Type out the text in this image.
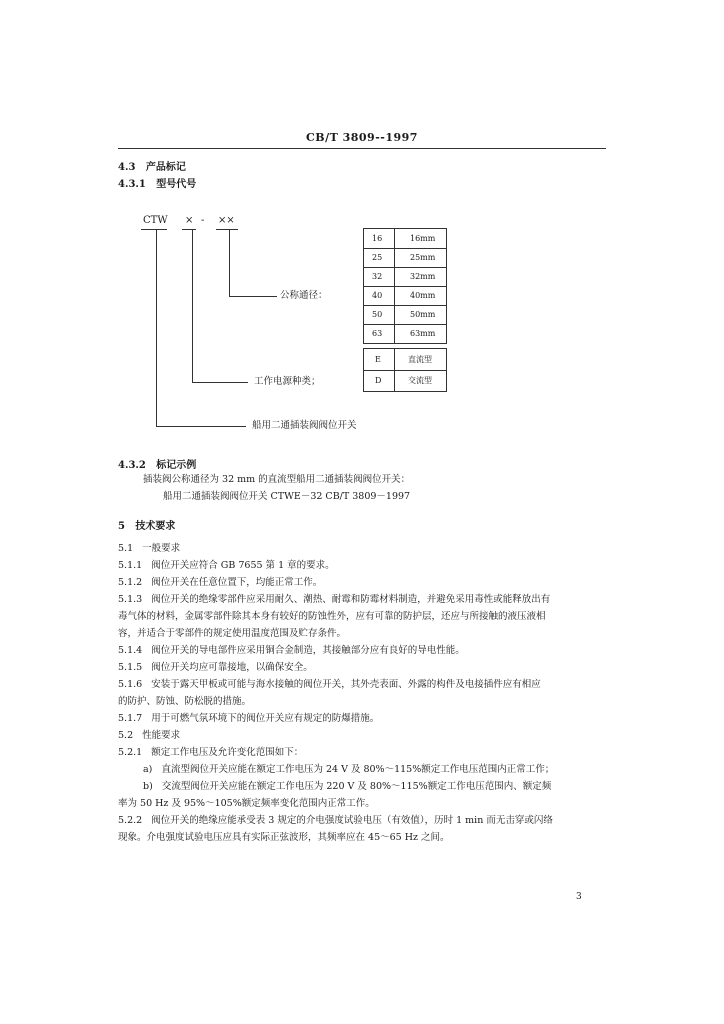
CB/T 3809--1997
4.3 产品标记
4.3.1 型号代号
CTW × - ××
公称通径：
工作电源种类；
船用二通插装阀阀位开关
16	16mm
25	25mm
32	32mm
40	40mm
50	50mm
63	63mm
E	直流型
D	交流型
4.3.2 标记示例
插装阀公称通径为 32 mm 的直流型船用二通插装阀阀位开关：
船用二通插装阀阀位开关 CTWE－32 CB/T 3809－1997
5 技术要求
5.1 一般要求
5.1.1 阀位开关应符合 GB 7655 第 1 章的要求。
5.1.2 阀位开关在任意位置下，均能正常工作。
5.1.3 阀位开关的绝缘零部件应采用耐久、潮热、耐霉和防霉材料制造，并避免采用毒性或能释放出有
毒气体的材料，金属零部件除其本身有较好的防蚀性外，应有可靠的防护层，还应与所接触的液压液相
容，并适合于零部件的规定使用温度范围及贮存条件。
5.1.4 阀位开关的导电部件应采用铜合金制造，其接触部分应有良好的导电性能。
5.1.5 阀位开关均应可靠接地，以确保安全。
5.1.6 安装于露天甲板或可能与海水接触的阀位开关，其外壳表面、外露的构件及电接插件应有相应
的防护、防蚀、防松脱的措施。
5.1.7 用于可燃气氛环境下的阀位开关应有规定的防爆措施。
5.2 性能要求
5.2.1 额定工作电压及允许变化范围如下：
a) 直流型阀位开关应能在额定工作电压为 24 V 及 80%～115%额定工作电压范围内正常工作；
b) 交流型阀位开关应能在额定工作电压为 220 V 及 80%～115%额定工作电压范围内、额定频
率为 50 Hz 及 95%～105%额定频率变化范围内正常工作。
5.2.2 阀位开关的绝缘应能承受表 3 规定的介电强度试验电压（有效值），历时 1 min 而无击穿或闪络
现象。介电强度试验电压应具有实际正弦波形，其频率应在 45～65 Hz 之间。
3
